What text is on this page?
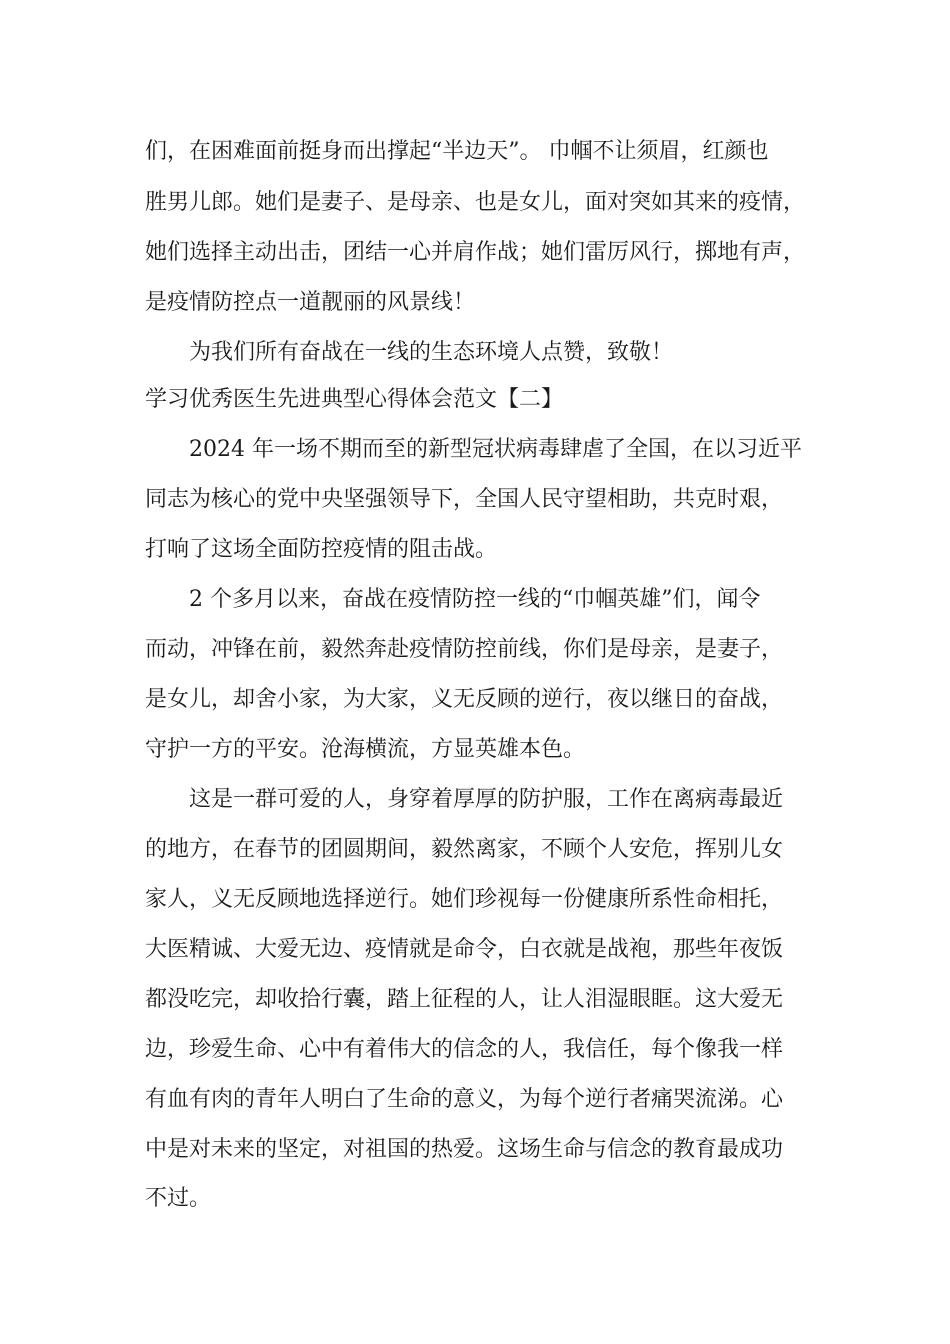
们，在困难面前挺身而出撑起“半边天”。 巾帼不让须眉，红颜也
胜男儿郎。她们是妻子、是母亲、也是女儿，面对突如其来的疫情，
她们选择主动出击，团结一心并肩作战；她们雷厉风行，掷地有声，
是疫情防控点一道靓丽的风景线！
为我们所有奋战在一线的生态环境人点赞，致敬！
学习优秀医生先进典型心得体会范文【二】
2024 年一场不期而至的新型冠状病毒肆虐了全国，在以习近平
同志为核心的党中央坚强领导下，全国人民守望相助，共克时艰，
打响了这场全面防控疫情的阻击战。
2 个多月以来，奋战在疫情防控一线的“巾帼英雄”们，闻令
而动，冲锋在前，毅然奔赴疫情防控前线，你们是母亲，是妻子，
是女儿，却舍小家，为大家，义无反顾的逆行，夜以继日的奋战，
守护一方的平安。沧海横流，方显英雄本色。
这是一群可爱的人，身穿着厚厚的防护服，工作在离病毒最近
的地方，在春节的团圆期间，毅然离家，不顾个人安危，挥别儿女
家人，义无反顾地选择逆行。她们珍视每一份健康所系性命相托，
大医精诚、大爱无边、疫情就是命令，白衣就是战袍，那些年夜饭
都没吃完，却收拾行囊，踏上征程的人，让人泪湿眼眶。这大爱无
边，珍爱生命、心中有着伟大的信念的人，我信任，每个像我一样
有血有肉的青年人明白了生命的意义，为每个逆行者痛哭流涕。心
中是对未来的坚定，对祖国的热爱。这场生命与信念的教育最成功
不过。
